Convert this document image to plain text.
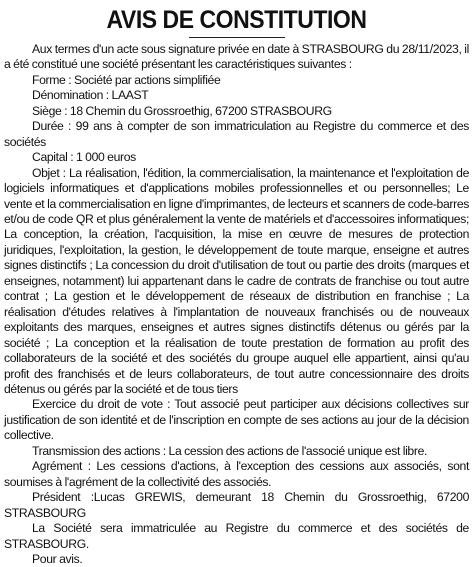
AVIS DE CONSTITUTION

Aux termes d'un acte sous signature privée en date à STRASBOURG du 28/11/2023, il a été constitué une société présentant les caractéristiques suivantes :

Forme : Société par actions simplifiée

Dénomination : LAAST

Siège : 18 Chemin du Grossroethig, 67200 STRASBOURG

Durée : 99 ans à compter de son immatriculation au Registre du commerce et des sociétés

Capital : 1 000 euros

Objet : La réalisation, l'édition, la commercialisation, la maintenance et l'exploitation de logiciels informatiques et d'applications mobiles professionnelles et ou personnelles; Le vente et la commercialisation en ligne d'imprimantes, de lecteurs et scanners de code-barres et/ou de code QR et plus généralement la vente de matériels et d'accessoires informatiques; La conception, la création, l'acquisition, la mise en œuvre de mesures de protection juridiques, l'exploitation, la gestion, le développement de toute marque, enseigne et autres signes distinctifs ; La concession du droit d'utilisation de tout ou partie des droits (marques et enseignes, notamment) lui appartenant dans le cadre de contrats de franchise ou tout autre contrat ; La gestion et le développement de réseaux de distribution en franchise ; La réalisation d'études relatives à l'implantation de nouveaux franchisés ou de nouveaux exploitants des marques, enseignes et autres signes distinctifs détenus ou gérés par la société ; La conception et la réalisation de toute prestation de formation au profit des collaborateurs de la société et des sociétés du groupe auquel elle appartient, ainsi qu'au profit des franchisés et de leurs collaborateurs, de tout autre concessionnaire des droits détenus ou gérés par la société et de tous tiers

Exercice du droit de vote : Tout associé peut participer aux décisions collectives sur justification de son identité et de l'inscription en compte de ses actions au jour de la décision collective.

Transmission des actions : La cession des actions de l'associé unique est libre.

Agrément : Les cessions d'actions, à l'exception des cessions aux associés, sont soumises à l'agrément de la collectivité des associés.

Président :Lucas GREWIS, demeurant 18 Chemin du Grossroethig, 67200 STRASBOURG

La Société sera immatriculée au Registre du commerce et des sociétés de STRASBOURG.

Pour avis.
